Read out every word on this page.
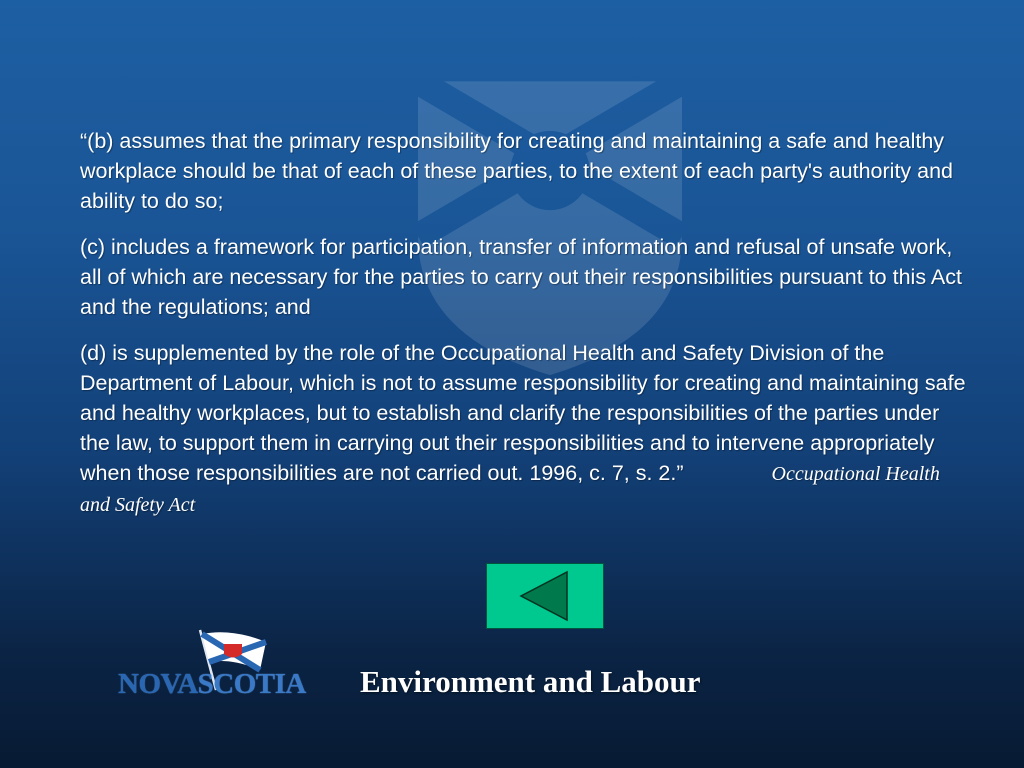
“(b) assumes that the primary responsibility for creating and maintaining a safe and healthy workplace should be that of each of these parties, to the extent of each party's authority and ability to do so;

(c) includes a framework for participation, transfer of information and refusal of unsafe work, all of which are necessary for the parties to carry out their responsibilities pursuant to this Act and the regulations; and

(d) is supplemented by the role of the Occupational Health and Safety Division of the Department of Labour, which is not to assume responsibility for creating and maintaining safe and healthy workplaces, but to establish and clarify the responsibilities of the parties under the law, to support them in carrying out their responsibilities and to intervene appropriately when those responsibilities are not carried out. 1996, c. 7, s. 2.”	Occupational Health and Safety Act

NOVASCOTIA Environment and Labour
